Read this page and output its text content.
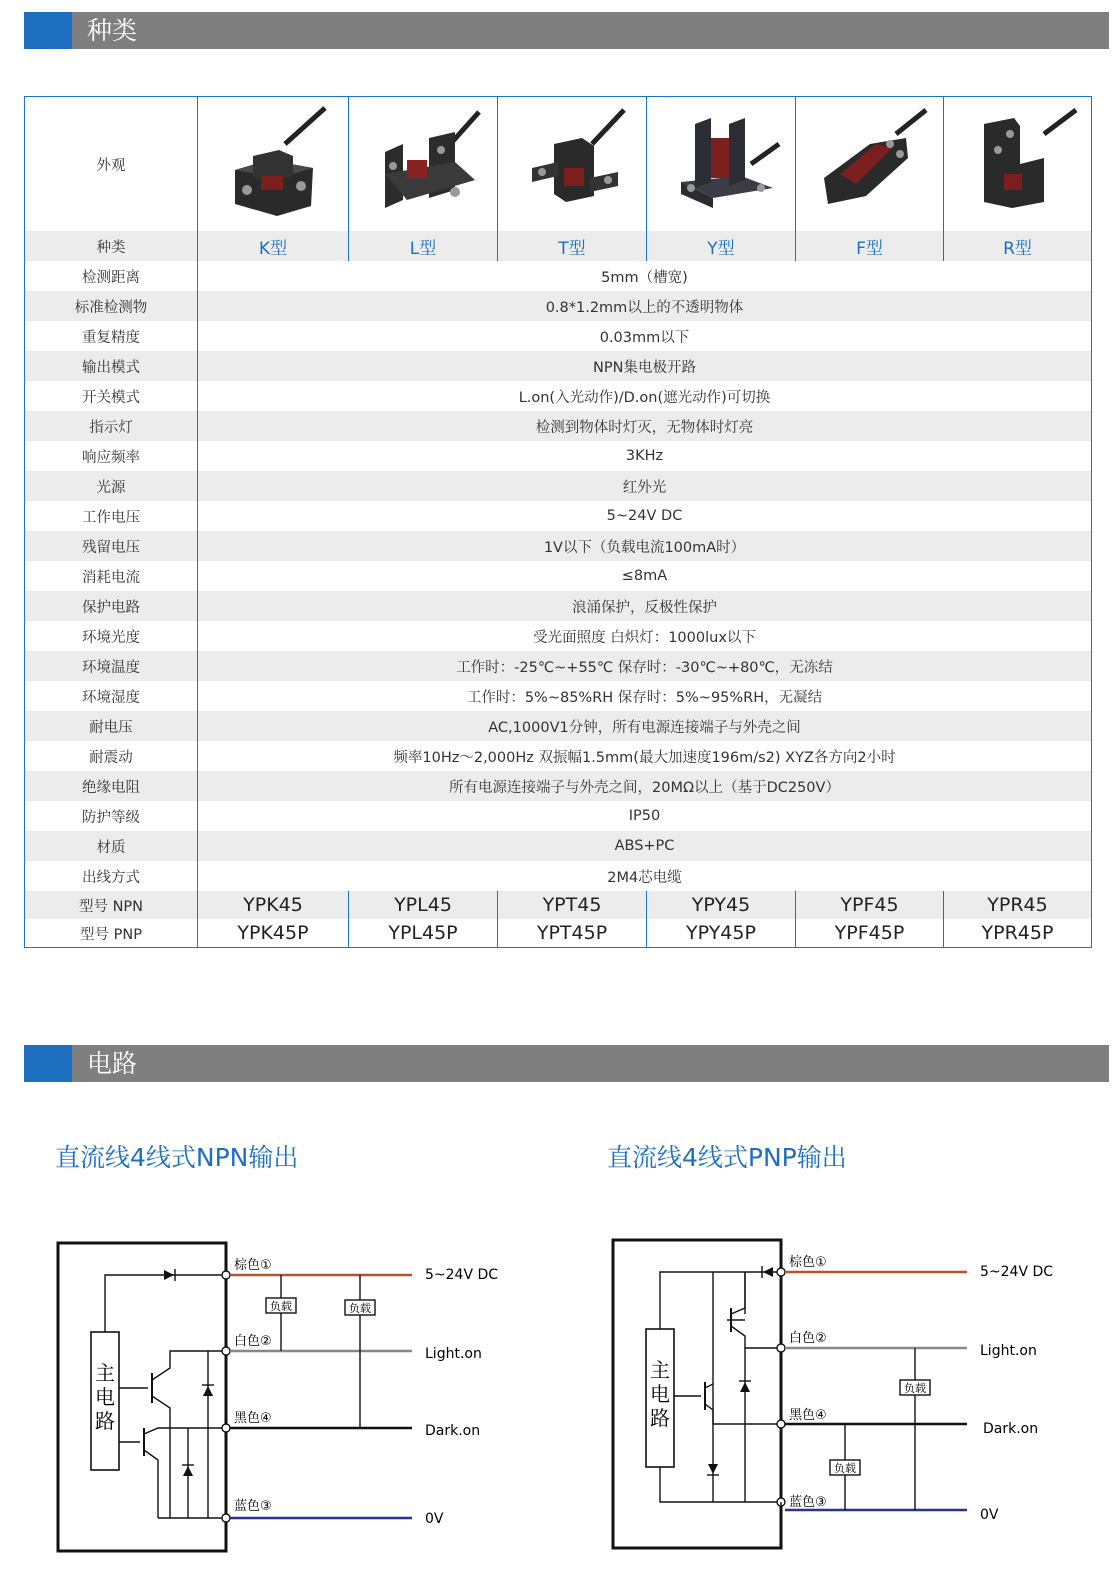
种类
外观	

种类	K型	L型	T型	Y型	F型	R型
检测距离	5mm（槽宽)					
标准检测物	0.8*1.2mm以上的不透明物体					
重复精度	0.03mm以下					
输出模式	NPN集电极开路					
开关模式	L.on(入光动作)/D.on(遮光动作)可切换					
指示灯	检测到物体时灯灭，无物体时灯亮					
响应频率	3KHz					
光源	红外光					
工作电压	5~24V DC					
残留电压	1V以下（负载电流100mA时）					
消耗电流	≤8mA					
保护电路	浪涌保护，反极性保护					
环境光度	受光面照度 白炽灯：1000lux以下					
环境温度	工作时：-25℃~+55℃ 保存时：-30℃~+80℃，无冻结					
环境湿度	工作时：5%~85%RH 保存时：5%~95%RH，无凝结					
耐电压	AC,1000V1分钟，所有电源连接端子与外壳之间					
耐震动	频率10Hz～2,000Hz 双振幅1.5mm(最大加速度196m/s2) XYZ各方向2小时					
绝缘电阻	所有电源连接端子与外壳之间，20MΩ以上（基于DC250V）					
防护等级	IP50					
材质	ABS+PC					
出线方式	2M4芯电缆					
型号 NPN	YPK45	YPL45	YPT45	YPY45	YPF45	YPR45
型号 PNP	YPK45P	YPL45P	YPT45P	YPY45P	YPF45P	YPR45P
电路
直流线4线式NPN输出	直流线4线式PNP输出
负载	负载
主
电
路
棕色①
白色②
黑色④
蓝色③
5~24V DC
Light.on
Dark.on
0V
负载
负载
主
电
路
棕色①
白色②
黑色④
蓝色③
5~24V DC
Light.on
Dark.on
0V
